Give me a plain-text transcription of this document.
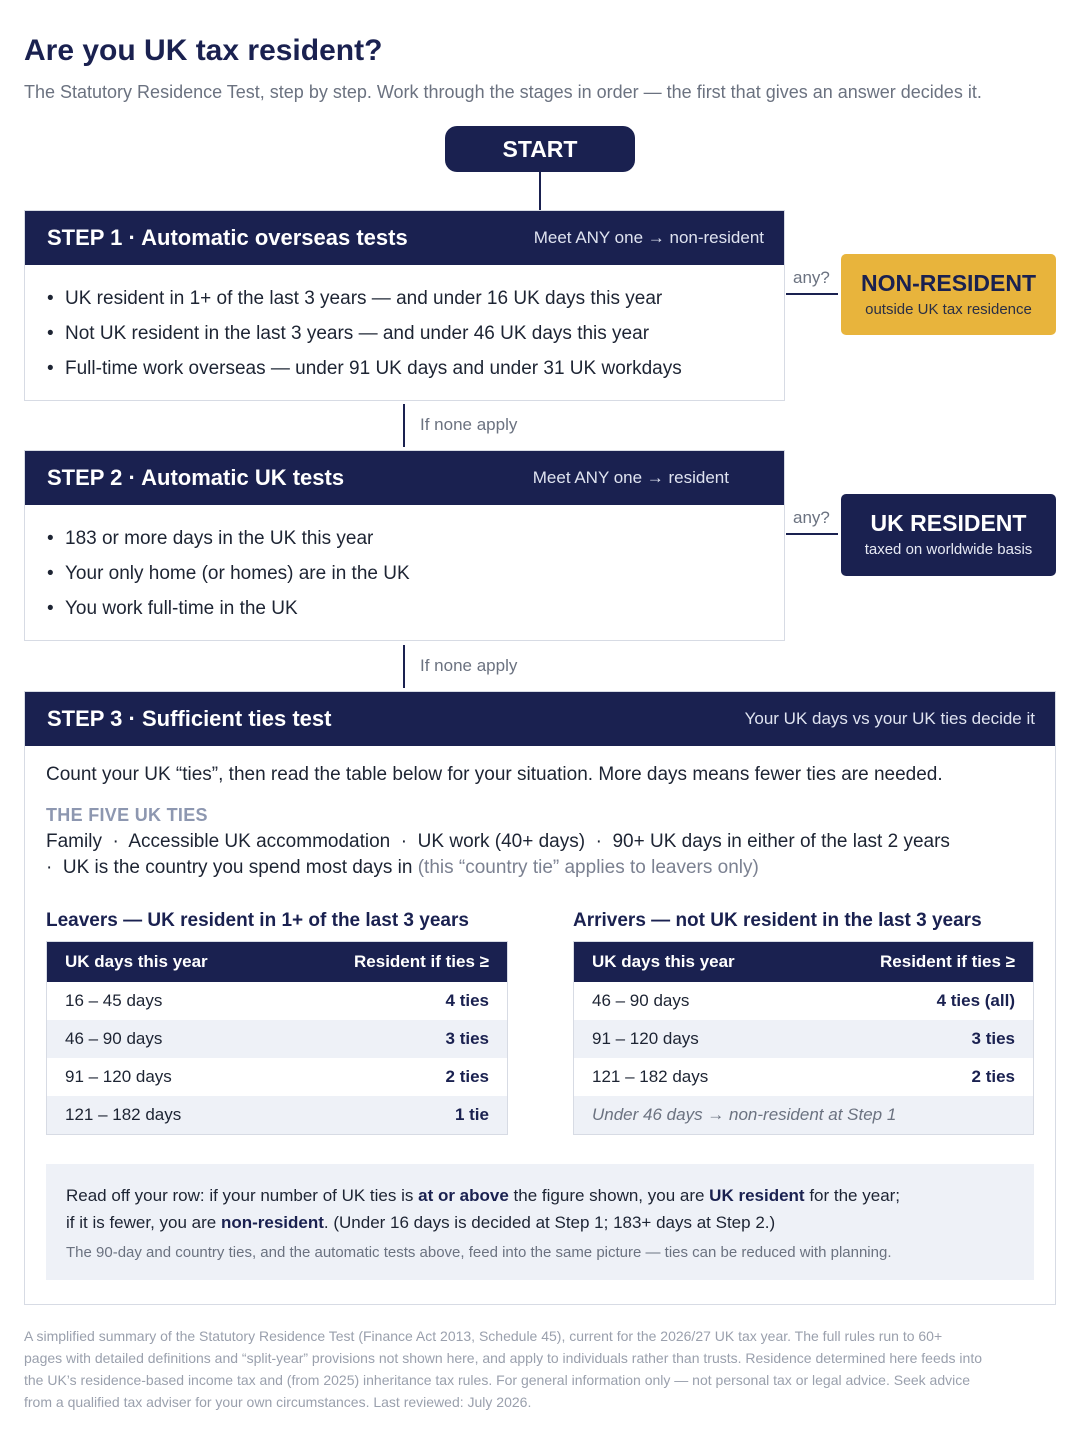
Are you UK tax resident?
The Statutory Residence Test, step by step. Work through the stages in order — the first that gives an answer decides it.
START
STEP 1 · Automatic overseas tests	Meet ANY one → non-resident
• UK resident in 1+ of the last 3 years — and under 16 UK days this year
• Not UK resident in the last 3 years — and under 46 UK days this year
• Full-time work overseas — under 91 UK days and under 31 UK workdays
any? NON-RESIDENT
outside UK tax residence
If none apply
STEP 2 · Automatic UK tests	Meet ANY one → resident
• 183 or more days in the UK this year
• Your only home (or homes) are in the UK
• You work full-time in the UK
any? UK RESIDENT
taxed on worldwide basis
If none apply
STEP 3 · Sufficient ties test	Your UK days vs your UK ties decide it
Count your UK “ties”, then read the table below for your situation. More days means fewer ties are needed.
THE FIVE UK TIES
Family  ·  Accessible UK accommodation  ·  UK work (40+ days)  ·  90+ UK days in either of the last 2 years
·  UK is the country you spend most days in (this “country tie” applies to leavers only)
Leavers — UK resident in 1+ of the last 3 years
UK days this year	Resident if ties ≥
16 – 45 days	4 ties
46 – 90 days	3 ties
91 – 120 days	2 ties
121 – 182 days	1 tie
Arrivers — not UK resident in the last 3 years
UK days this year	Resident if ties ≥
46 – 90 days	4 ties (all)
91 – 120 days	3 ties
121 – 182 days	2 ties
Under 46 days → non-resident at Step 1
Read off your row: if your number of UK ties is at or above the figure shown, you are UK resident for the year;
if it is fewer, you are non-resident. (Under 16 days is decided at Step 1; 183+ days at Step 2.)
The 90-day and country ties, and the automatic tests above, feed into the same picture — ties can be reduced with planning.
A simplified summary of the Statutory Residence Test (Finance Act 2013, Schedule 45), current for the 2026/27 UK tax year. The full rules run to 60+ pages with detailed definitions and “split-year” provisions not shown here, and apply to individuals rather than trusts. Residence determined here feeds into the UK’s residence-based income tax and (from 2025) inheritance tax rules. For general information only — not personal tax or legal advice. Seek advice from a qualified tax adviser for your own circumstances. Last reviewed: July 2026.
